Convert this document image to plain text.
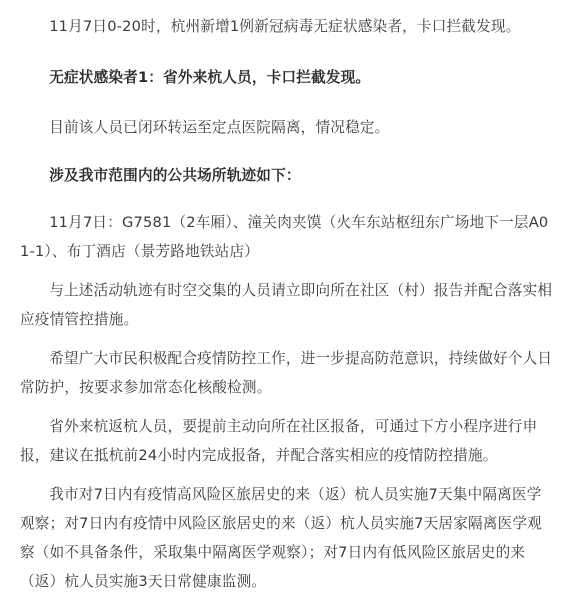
11月7日0-20时，杭州新增1例新冠病毒无症状感染者，卡口拦截发现。

无症状感染者1：省外来杭人员，卡口拦截发现。

目前该人员已闭环转运至定点医院隔离，情况稳定。

涉及我市范围内的公共场所轨迹如下：

11月7日：G7581（2车厢）、潼关肉夹馍（火车东站枢纽东广场地下一层A01-1）、布丁酒店（景芳路地铁站店）

与上述活动轨迹有时空交集的人员请立即向所在社区（村）报告并配合落实相应疫情管控措施。

希望广大市民积极配合疫情防控工作，进一步提高防范意识，持续做好个人日常防护，按要求参加常态化核酸检测。

省外来杭返杭人员，要提前主动向所在社区报备，可通过下方小程序进行申报，建议在抵杭前24小时内完成报备，并配合落实相应的疫情防控措施。

我市对7日内有疫情高风险区旅居史的来（返）杭人员实施7天集中隔离医学观察；对7日内有疫情中风险区旅居史的来（返）杭人员实施7天居家隔离医学观察（如不具备条件，采取集中隔离医学观察）；对7日内有低风险区旅居史的来（返）杭人员实施3天日常健康监测。
